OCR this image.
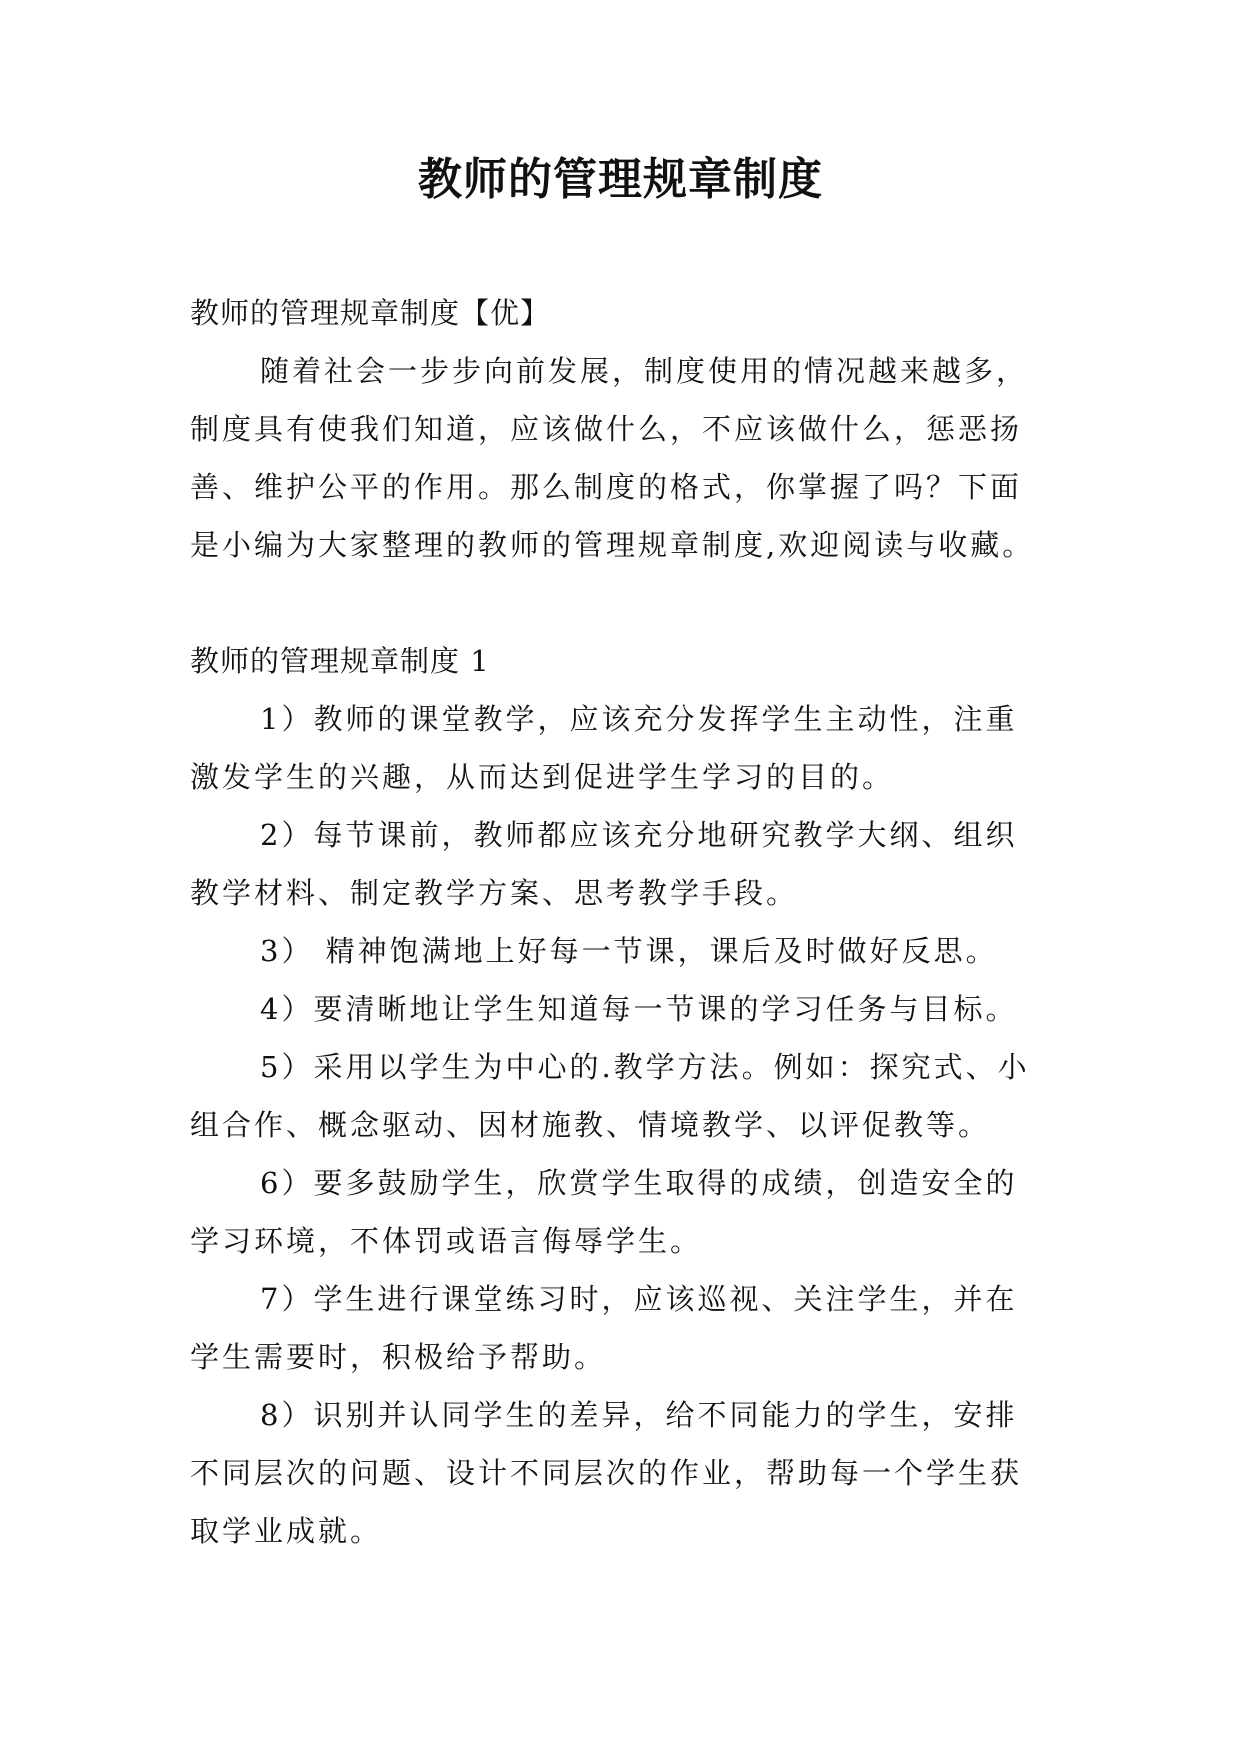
教师的管理规章制度

教师的管理规章制度【优】

随着社会一步步向前发展，制度使用的情况越来越多，

制度具有使我们知道，应该做什么，不应该做什么，惩恶扬

善、维护公平的作用。那么制度的格式，你掌握了吗？下面

是小编为大家整理的教师的管理规章制度,欢迎阅读与收藏。

教师的管理规章制度 1

1）教师的课堂教学，应该充分发挥学生主动性，注重

激发学生的兴趣，从而达到促进学生学习的目的。

2）每节课前，教师都应该充分地研究教学大纲、组织

教学材料、制定教学方案、思考教学手段。

3） 精神饱满地上好每一节课，课后及时做好反思。

4）要清晰地让学生知道每一节课的学习任务与目标。

5）采用以学生为中心的.教学方法。例如：探究式、小

组合作、概念驱动、因材施教、情境教学、以评促教等。

6）要多鼓励学生，欣赏学生取得的成绩，创造安全的

学习环境，不体罚或语言侮辱学生。

7）学生进行课堂练习时，应该巡视、关注学生，并在

学生需要时，积极给予帮助。

8）识别并认同学生的差异，给不同能力的学生，安排

不同层次的问题、设计不同层次的作业，帮助每一个学生获

取学业成就。
